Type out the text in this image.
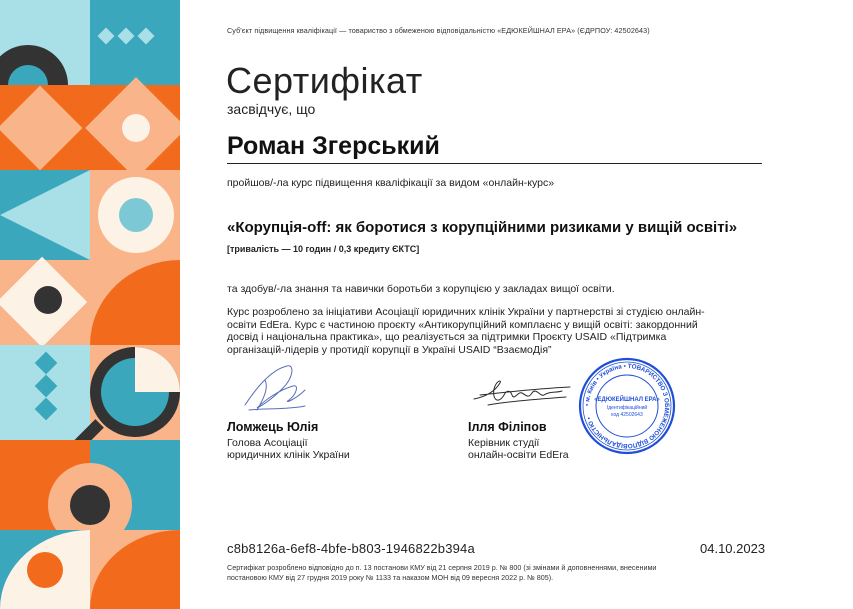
Суб'єкт підвищення кваліфікації — товариство з обмеженою відповідальністю «ЕДЮКЕЙШНАЛ ЕРА» (ЄДРПОУ: 42502643)

Сертифікат

засвідчує, що

Роман Згерський

пройшов/-ла курс підвищення кваліфікації за видом «онлайн-курс»

«Корупція-off: як боротися з корупційними ризиками у вищій освіті»

[тривалість — 10 годин / 0,3 кредиту ЄКТС]

та здобув/-ла знання та навички боротьби з корупцією у закладах вищої освіти.

Курс розроблено за ініціативи Асоціації юридичних клінік України у партнерстві зі студією онлайн-
освіти EdEra. Курс є частиною проєкту «Антикорупційний комплаєнс у вищій освіті: закордонний
досвід і національна практика», що реалізується за підтримки Проєкту USAID «Підтримка
організацій-лідерів у протидії корупції в Україні USAID “ВзаємоДія”

Ломжець Юлія

Голова Асоціації
юридичних клінік України

Ілля Філіпов

Керівник студії
онлайн-освіти EdEra
• м. Київ • Україна • ТОВАРИСТВО З ОБМЕЖЕНОЮ ВІДПОВІДАЛЬНІСТЮ •
«ЕДЮКЕЙШНАЛ ЕРА»
Ідентифікаційний
код 42502643

c8b8126a-6ef8-4bfe-b803-1946822b394a	04.10.2023

Сертифікат розроблено відповідно до п. 13 постанови КМУ від 21 серпня 2019 р. № 800 (зі змінами й доповненнями, внесеними
постановою КМУ від 27 грудня 2019 року № 1133 та наказом МОН від 09 вересня 2022 р. № 805).
